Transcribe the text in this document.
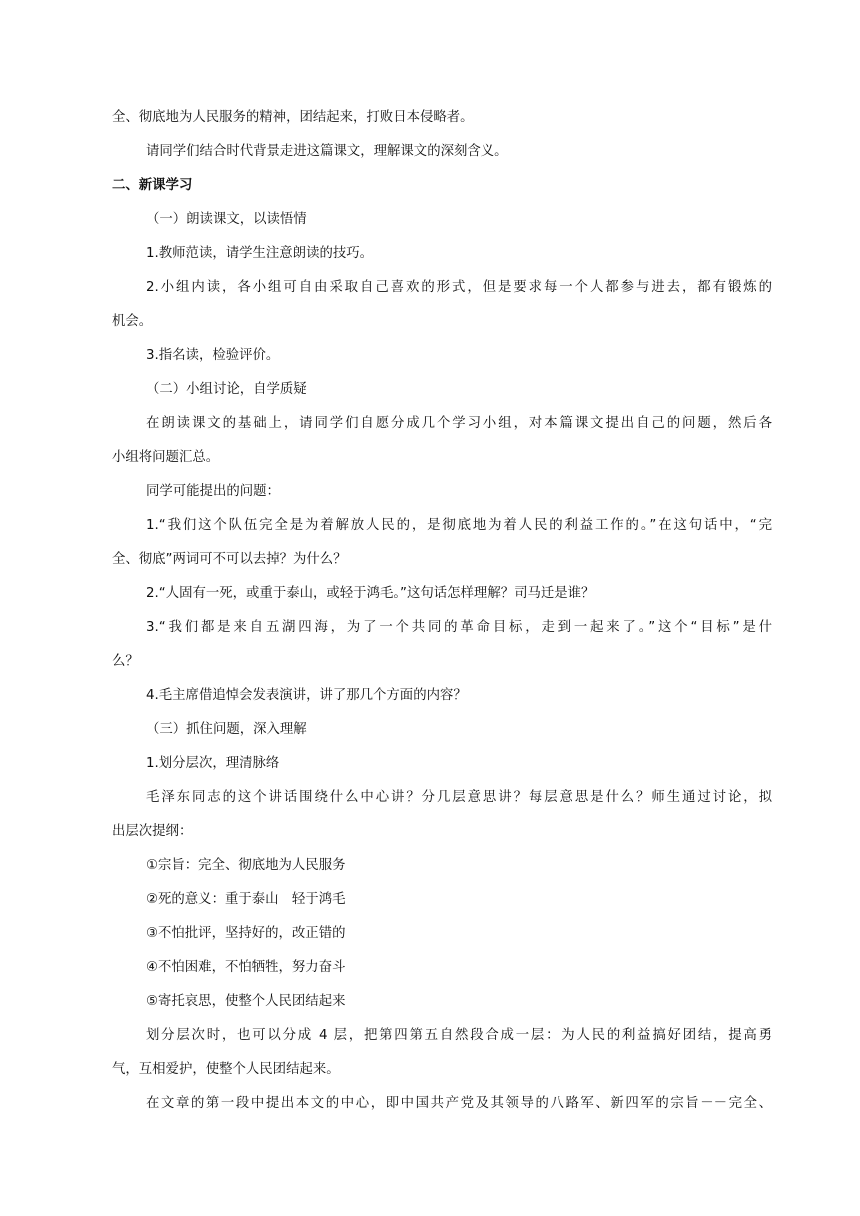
全、彻底地为人民服务的精神，团结起来，打败日本侵略者。

请同学们结合时代背景走进这篇课文，理解课文的深刻含义。

二、新课学习

（一）朗读课文，以读悟情

1.教师范读，请学生注意朗读的技巧。

2.小组内读，各小组可自由采取自己喜欢的形式，但是要求每一个人都参与进去，都有锻炼的

机会。

3.指名读，检验评价。

（二）小组讨论，自学质疑

在朗读课文的基础上，请同学们自愿分成几个学习小组，对本篇课文提出自己的问题，然后各

小组将问题汇总。

同学可能提出的问题：

1.“我们这个队伍完全是为着解放人民的，是彻底地为着人民的利益工作的。”在这句话中，“完

全、彻底”两词可不可以去掉？为什么？

2.“人固有一死，或重于泰山，或轻于鸿毛。”这句话怎样理解？司马迁是谁？

3.“我们都是来自五湖四海，为了一个共同的革命目标，走到一起来了。”这个“目标”是什

么？

4.毛主席借追悼会发表演讲，讲了那几个方面的内容？

（三）抓住问题，深入理解

1.划分层次，理清脉络

毛泽东同志的这个讲话围绕什么中心讲？分几层意思讲？每层意思是什么？师生通过讨论，拟

出层次提纲：

①宗旨：完全、彻底地为人民服务

②死的意义：重于泰山　轻于鸿毛

③不怕批评，坚持好的，改正错的

④不怕困难，不怕牺牲，努力奋斗

⑤寄托哀思，使整个人民团结起来

划分层次时，也可以分成 4 层，把第四第五自然段合成一层：为人民的利益搞好团结，提高勇

气，互相爱护，使整个人民团结起来。

在文章的第一段中提出本文的中心，即中国共产党及其领导的八路军、新四军的宗旨－－完全、
